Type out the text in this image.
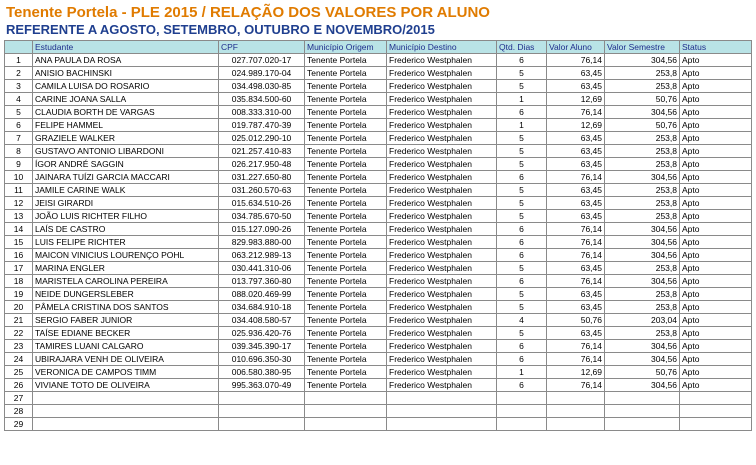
Tenente Portela - PLE 2015 / RELAÇÃO DOS VALORES POR ALUNO
REFERENTE A AGOSTO, SETEMBRO, OUTUBRO E NOVEMBRO/2015
	Estudante	CPF	Município Origem	Município Destino	Qtd. Dias	Valor Aluno	Valor Semestre	Status
1	ANA PAULA DA ROSA	027.707.020-17	Tenente Portela	Frederico Westphalen	6	76,14	304,56	Apto
2	ANISIO BACHINSKI	024.989.170-04	Tenente Portela	Frederico Westphalen	5	63,45	253,8	Apto
3	CAMILA LUISA DO ROSARIO	034.498.030-85	Tenente Portela	Frederico Westphalen	5	63,45	253,8	Apto
4	CARINE JOANA SALLA	035.834.500-60	Tenente Portela	Frederico Westphalen	1	12,69	50,76	Apto
5	CLAUDIA BORTH DE VARGAS	008.333.310-00	Tenente Portela	Frederico Westphalen	6	76,14	304,56	Apto
6	FELIPE HAMMEL	019.787.470-39	Tenente Portela	Frederico Westphalen	1	12,69	50,76	Apto
7	GRAZIELE WALKER	025.012.290-10	Tenente Portela	Frederico Westphalen	5	63,45	253,8	Apto
8	GUSTAVO ANTONIO LIBARDONI	021.257.410-83	Tenente Portela	Frederico Westphalen	5	63,45	253,8	Apto
9	ÍGOR ANDRÉ SAGGIN	026.217.950-48	Tenente Portela	Frederico Westphalen	5	63,45	253,8	Apto
10	JAINARA TUÍZI GARCIA MACCARI	031.227.650-80	Tenente Portela	Frederico Westphalen	6	76,14	304,56	Apto
11	JAMILE CARINE WALK	031.260.570-63	Tenente Portela	Frederico Westphalen	5	63,45	253,8	Apto
12	JEISI GIRARDI	015.634.510-26	Tenente Portela	Frederico Westphalen	5	63,45	253,8	Apto
13	JOÃO LUIS RICHTER FILHO	034.785.670-50	Tenente Portela	Frederico Westphalen	5	63,45	253,8	Apto
14	LAÍS DE CASTRO	015.127.090-26	Tenente Portela	Frederico Westphalen	6	76,14	304,56	Apto
15	LUIS FELIPE RICHTER	829.983.880-00	Tenente Portela	Frederico Westphalen	6	76,14	304,56	Apto
16	MAICON VINICIUS LOURENÇO POHL	063.212.989-13	Tenente Portela	Frederico Westphalen	6	76,14	304,56	Apto
17	MARINA ENGLER	030.441.310-06	Tenente Portela	Frederico Westphalen	5	63,45	253,8	Apto
18	MARISTELA CAROLINA PEREIRA	013.797.360-80	Tenente Portela	Frederico Westphalen	6	76,14	304,56	Apto
19	NEIDE DUNGERSLEBER	088.020.469-99	Tenente Portela	Frederico Westphalen	5	63,45	253,8	Apto
20	PÂMELA CRISTINA DOS SANTOS	034.684.910-18	Tenente Portela	Frederico Westphalen	5	63,45	253,8	Apto
21	SERGIO FABER JUNIOR	034.408.580-57	Tenente Portela	Frederico Westphalen	4	50,76	203,04	Apto
22	TAÍSE EDIANE BECKER	025.936.420-76	Tenente Portela	Frederico Westphalen	5	63,45	253,8	Apto
23	TAMIRES LUANI CALGARO	039.345.390-17	Tenente Portela	Frederico Westphalen	6	76,14	304,56	Apto
24	UBIRAJARA VENH DE OLIVEIRA	010.696.350-30	Tenente Portela	Frederico Westphalen	6	76,14	304,56	Apto
25	VERONICA DE CAMPOS TIMM	006.580.380-95	Tenente Portela	Frederico Westphalen	1	12,69	50,76	Apto
26	VIVIANE TOTO DE OLIVEIRA	995.363.070-49	Tenente Portela	Frederico Westphalen	6	76,14	304,56	Apto
27								
28								
29								
